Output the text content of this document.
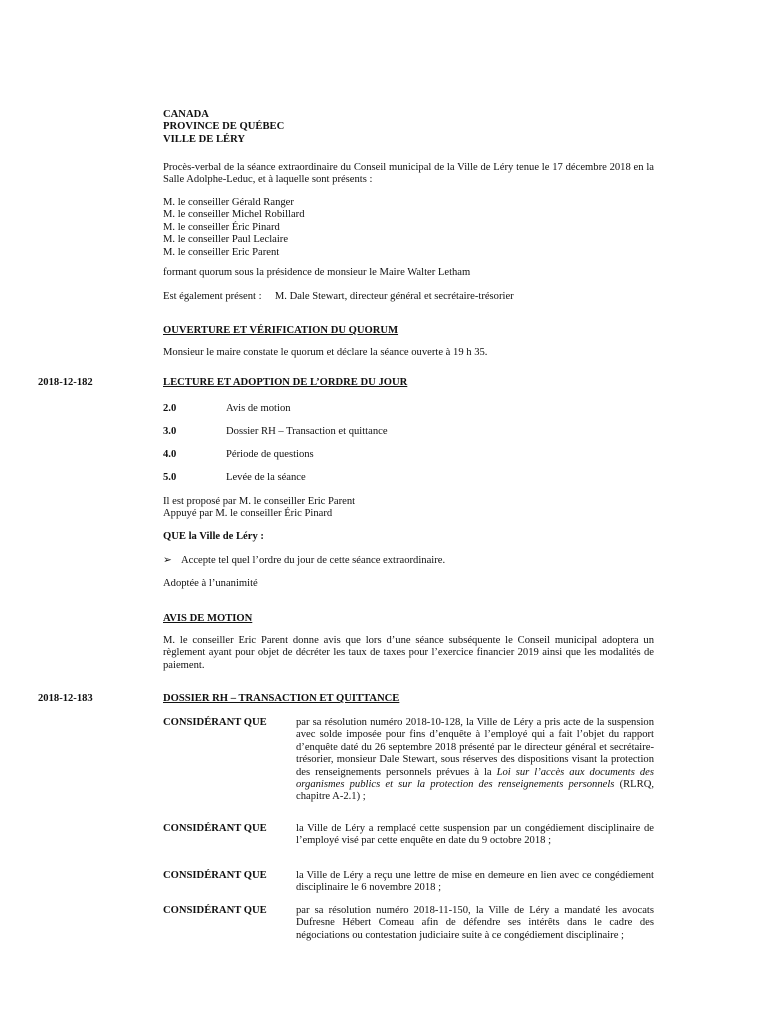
CANADA
PROVINCE DE QUÉBEC
VILLE DE LÉRY
Procès-verbal de la séance extraordinaire du Conseil municipal de la Ville de Léry tenue le 17 décembre 2018 en la Salle Adolphe-Leduc, et à laquelle sont présents :
M. le conseiller Gérald Ranger
M. le conseiller Michel Robillard
M. le conseiller Éric Pinard
M. le conseiller Paul Leclaire
M. le conseiller Eric Parent
formant quorum sous la présidence de monsieur le Maire Walter Letham
Est également présent : M. Dale Stewart, directeur général et secrétaire-trésorier
OUVERTURE ET VÉRIFICATION DU QUORUM
Monsieur le maire constate le quorum et déclare la séance ouverte à 19 h 35.
2018-12-182	LECTURE ET ADOPTION DE L’ORDRE DU JOUR
2.0	Avis de motion
3.0	Dossier RH – Transaction et quittance
4.0	Période de questions
5.0	Levée de la séance
Il est proposé par M. le conseiller Eric Parent
Appuyé par M. le conseiller Éric Pinard
QUE la Ville de Léry :
➢ Accepte tel quel l’ordre du jour de cette séance extraordinaire.
Adoptée à l’unanimité
AVIS DE MOTION
M. le conseiller Eric Parent donne avis que lors d’une séance subséquente le Conseil municipal adoptera un règlement ayant pour objet de décréter les taux de taxes pour l’exercice financier 2019 ainsi que les modalités de paiement.
2018-12-183	DOSSIER RH – TRANSACTION ET QUITTANCE
CONSIDÉRANT QUE	par sa résolution numéro 2018-10-128, la Ville de Léry a pris acte de la suspension avec solde imposée pour fins d’enquête à l’employé qui a fait l’objet du rapport d’enquête daté du 26 septembre 2018 présenté par le directeur général et secrétaire-trésorier, monsieur Dale Stewart, sous réserves des dispositions visant la protection des renseignements personnels prévues à la Loi sur l’accès aux documents des organismes publics et sur la protection des renseignements personnels (RLRQ, chapitre A-2.1) ;
CONSIDÉRANT QUE	la Ville de Léry a remplacé cette suspension par un congédiement disciplinaire de l’employé visé par cette enquête en date du 9 octobre 2018 ;
CONSIDÉRANT QUE	la Ville de Léry a reçu une lettre de mise en demeure en lien avec ce congédiement disciplinaire le 6 novembre 2018 ;
CONSIDÉRANT QUE	par sa résolution numéro 2018-11-150, la Ville de Léry a mandaté les avocats Dufresne Hébert Comeau afin de défendre ses intérêts dans le cadre des négociations ou contestation judiciaire suite à ce congédiement disciplinaire ;
